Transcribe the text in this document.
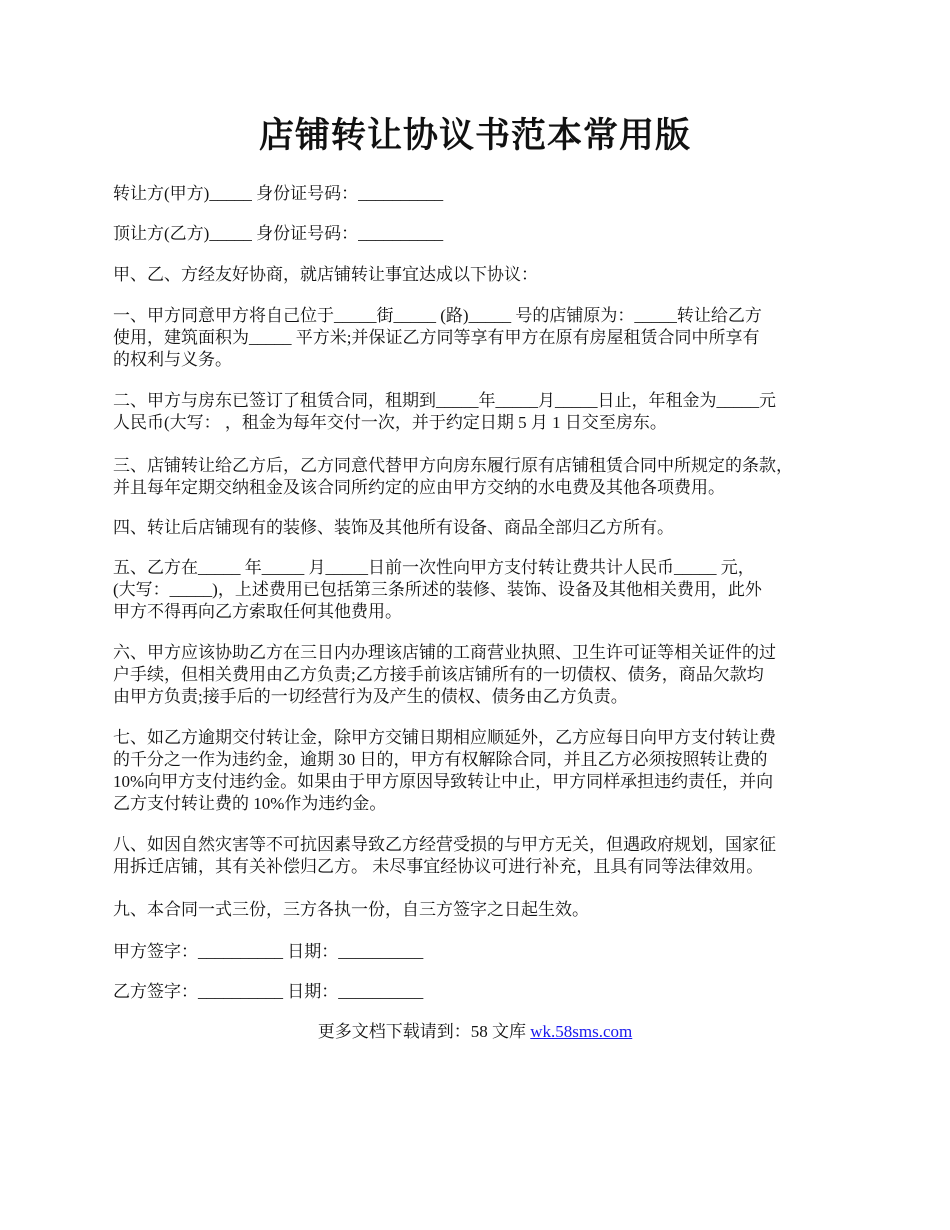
店铺转让协议书范本常用版
转让方(甲方)_____ 身份证号码：__________
顶让方(乙方)_____ 身份证号码：__________
甲、乙、方经友好协商，就店铺转让事宜达成以下协议：
一、甲方同意甲方将自己位于_____街_____ (路)_____ 号的店铺原为：_____转让给乙方
使用，建筑面积为_____ 平方米;并保证乙方同等享有甲方在原有房屋租赁合同中所享有
的权利与义务。
二、甲方与房东已签订了租赁合同，租期到_____年_____月_____日止，年租金为_____元
人民币(大写： ，租金为每年交付一次，并于约定日期 5 月 1 日交至房东。
三、店铺转让给乙方后，乙方同意代替甲方向房东履行原有店铺租赁合同中所规定的条款，
并且每年定期交纳租金及该合同所约定的应由甲方交纳的水电费及其他各项费用。
四、转让后店铺现有的装修、装饰及其他所有设备、商品全部归乙方所有。
五、乙方在_____ 年_____ 月_____日前一次性向甲方支付转让费共计人民币_____ 元，
(大写：_____)，上述费用已包括第三条所述的装修、装饰、设备及其他相关费用，此外
甲方不得再向乙方索取任何其他费用。
六、甲方应该协助乙方在三日内办理该店铺的工商营业执照、卫生许可证等相关证件的过
户手续，但相关费用由乙方负责;乙方接手前该店铺所有的一切债权、债务，商品欠款均
由甲方负责;接手后的一切经营行为及产生的债权、债务由乙方负责。
七、如乙方逾期交付转让金，除甲方交铺日期相应顺延外，乙方应每日向甲方支付转让费
的千分之一作为违约金，逾期 30 日的，甲方有权解除合同，并且乙方必须按照转让费的
10%向甲方支付违约金。如果由于甲方原因导致转让中止，甲方同样承担违约责任，并向
乙方支付转让费的 10%作为违约金。
八、如因自然灾害等不可抗因素导致乙方经营受损的与甲方无关，但遇政府规划，国家征
用拆迁店铺，其有关补偿归乙方。 未尽事宜经协议可进行补充，且具有同等法律效用。
九、本合同一式三份，三方各执一份，自三方签字之日起生效。
甲方签字：__________ 日期：__________
乙方签字：__________ 日期：__________
更多文档下载请到：58 文库 wk.58sms.com
